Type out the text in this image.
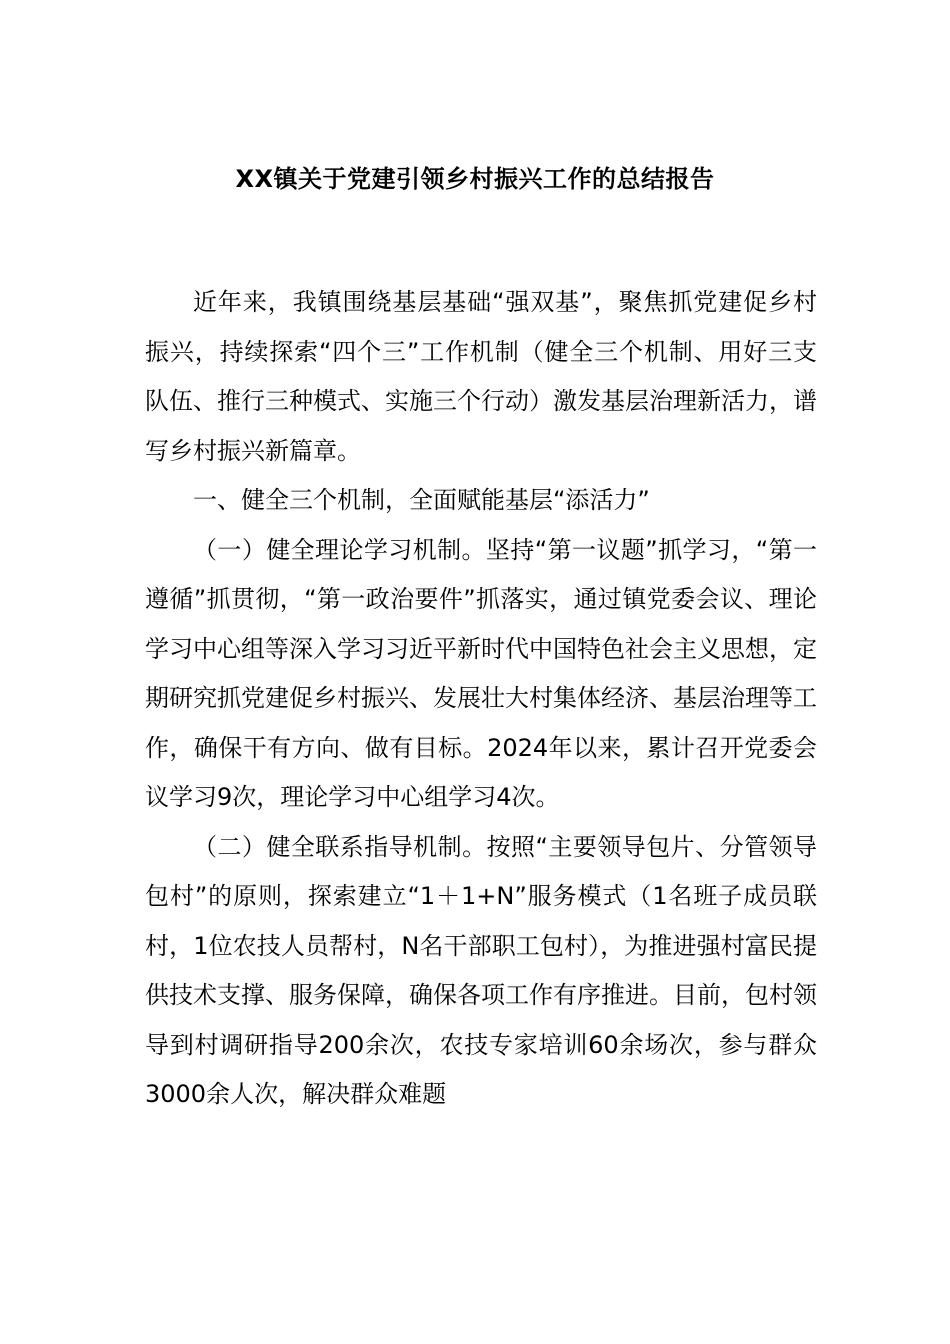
XX镇关于党建引领乡村振兴工作的总结报告

近年来，我镇围绕基层基础“强双基”，聚焦抓党建促乡村振兴，持续探索“四个三”工作机制（健全三个机制、用好三支队伍、推行三种模式、实施三个行动）激发基层治理新活力，谱写乡村振兴新篇章。

一、健全三个机制，全面赋能基层“添活力”

（一）健全理论学习机制。坚持“第一议题”抓学习，“第一遵循”抓贯彻，“第一政治要件”抓落实，通过镇党委会议、理论学习中心组等深入学习习近平新时代中国特色社会主义思想，定期研究抓党建促乡村振兴、发展壮大村集体经济、基层治理等工作，确保干有方向、做有目标。2024年以来，累计召开党委会议学习9次，理论学习中心组学习4次。

（二）健全联系指导机制。按照“主要领导包片、分管领导包村”的原则，探索建立“1＋1+N”服务模式（1名班子成员联村，1位农技人员帮村，N名干部职工包村），为推进强村富民提供技术支撑、服务保障，确保各项工作有序推进。目前，包村领导到村调研指导200余次，农技专家培训60余场次，参与群众3000余人次，解决群众难题
